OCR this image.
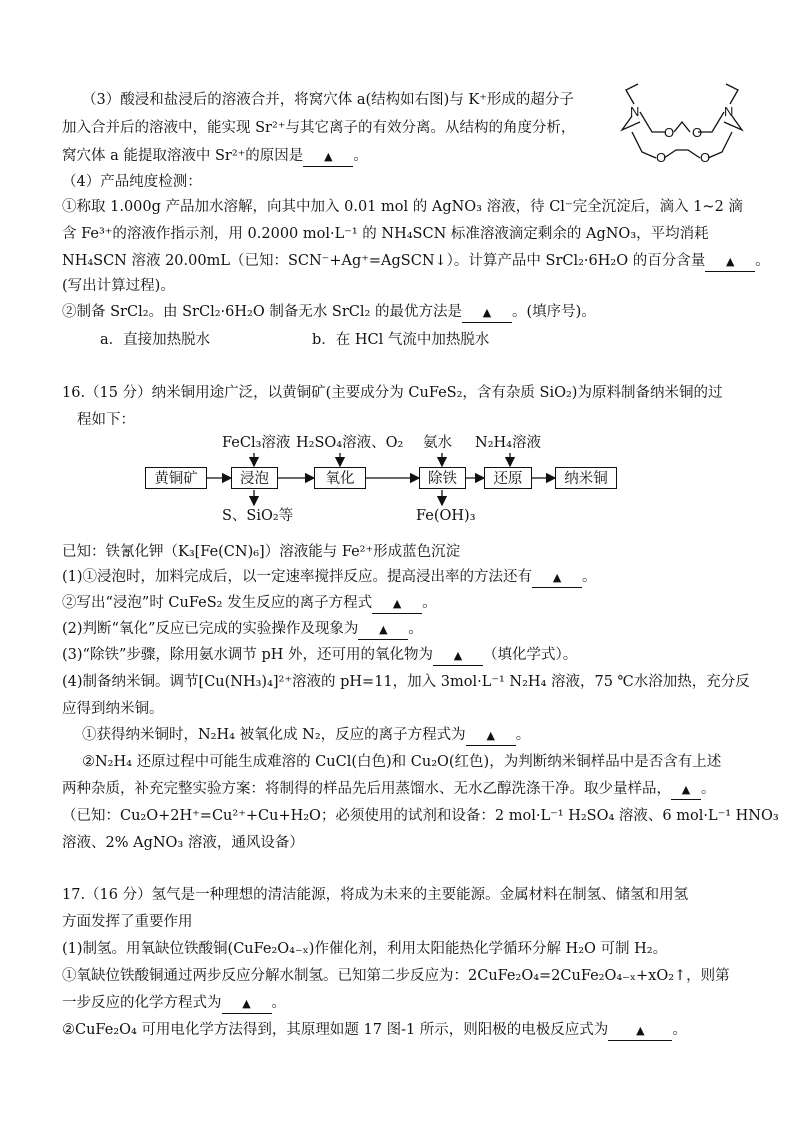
（3）酸浸和盐浸后的溶液合并，将窝穴体 a(结构如右图)与 K⁺形成的超分子
加入合并后的溶液中，能实现 Sr²⁺与其它离子的有效分离。从结构的角度分析，
窝穴体 a 能提取溶液中 Sr²⁺的原因是 ▲ 。
N	N
O O
O	O
（4）产品纯度检测：
①称取 1.000g 产品加水溶解，向其中加入 0.01 mol 的 AgNO₃ 溶液，待 Cl⁻完全沉淀后，滴入 1~2 滴
含 Fe³⁺的溶液作指示剂，用 0.2000 mol·L⁻¹ 的 NH₄SCN 标准溶液滴定剩余的 AgNO₃，平均消耗
NH₄SCN 溶液 20.00mL（已知：SCN⁻+Ag⁺=AgSCN↓）。计算产品中 SrCl₂·6H₂O 的百分含量 ▲ 。
(写出计算过程)。
②制备 SrCl₂。由 SrCl₂·6H₂O 制备无水 SrCl₂ 的最优方法是 ▲ 。(填序号)。
a．直接加热脱水	b．在 HCl 气流中加热脱水
16.（15 分）纳米铜用途广泛，以黄铜矿(主要成分为 CuFeS₂，含有杂质 SiO₂)为原料制备纳米铜的过
程如下：
黄铜矿	浸泡	氧化	除铁	还原	纳米铜
FeCl₃溶液 H₂SO₄溶液、O₂ 氨水 N₂H₄溶液
S、SiO₂等	Fe(OH)₃
已知：铁氰化钾（K₃[Fe(CN)₆]）溶液能与 Fe²⁺形成蓝色沉淀
(1)①浸泡时，加料完成后，以一定速率搅拌反应。提高浸出率的方法还有 ▲ 。
②写出“浸泡”时 CuFeS₂ 发生反应的离子方程式 ▲ 。
(2)判断“氧化”反应已完成的实验操作及现象为 ▲ 。
(3)“除铁”步骤，除用氨水调节 pH 外，还可用的氧化物为 ▲ （填化学式）。
(4)制备纳米铜。调节[Cu(NH₃)₄]²⁺溶液的 pH=11，加入 3mol·L⁻¹ N₂H₄ 溶液，75 ℃水浴加热，充分反
应得到纳米铜。
①获得纳米铜时，N₂H₄ 被氧化成 N₂，反应的离子方程式为 ▲ 。
②N₂H₄ 还原过程中可能生成难溶的 CuCl(白色)和 Cu₂O(红色)，为判断纳米铜样品中是否含有上述
两种杂质，补充完整实验方案：将制得的样品先后用蒸馏水、无水乙醇洗涤干净。取少量样品， ▲ 。
（已知：Cu₂O+2H⁺=Cu²⁺+Cu+H₂O；必须使用的试剂和设备：2 mol·L⁻¹ H₂SO₄ 溶液、6 mol·L⁻¹ HNO₃
溶液、2% AgNO₃ 溶液，通风设备）
17.（16 分）氢气是一种理想的清洁能源，将成为未来的主要能源。金属材料在制氢、储氢和用氢
方面发挥了重要作用
(1)制氢。用氧缺位铁酸铜(CuFe₂O₄₋ₓ)作催化剂，利用太阳能热化学循环分解 H₂O 可制 H₂。
①氧缺位铁酸铜通过两步反应分解水制氢。已知第二步反应为：2CuFe₂O₄=2CuFe₂O₄₋ₓ+xO₂↑，则第
一步反应的化学方程式为 ▲ 。
②CuFe₂O₄ 可用电化学方法得到，其原理如题 17 图-1 所示，则阳极的电极反应式为	▲ 。
